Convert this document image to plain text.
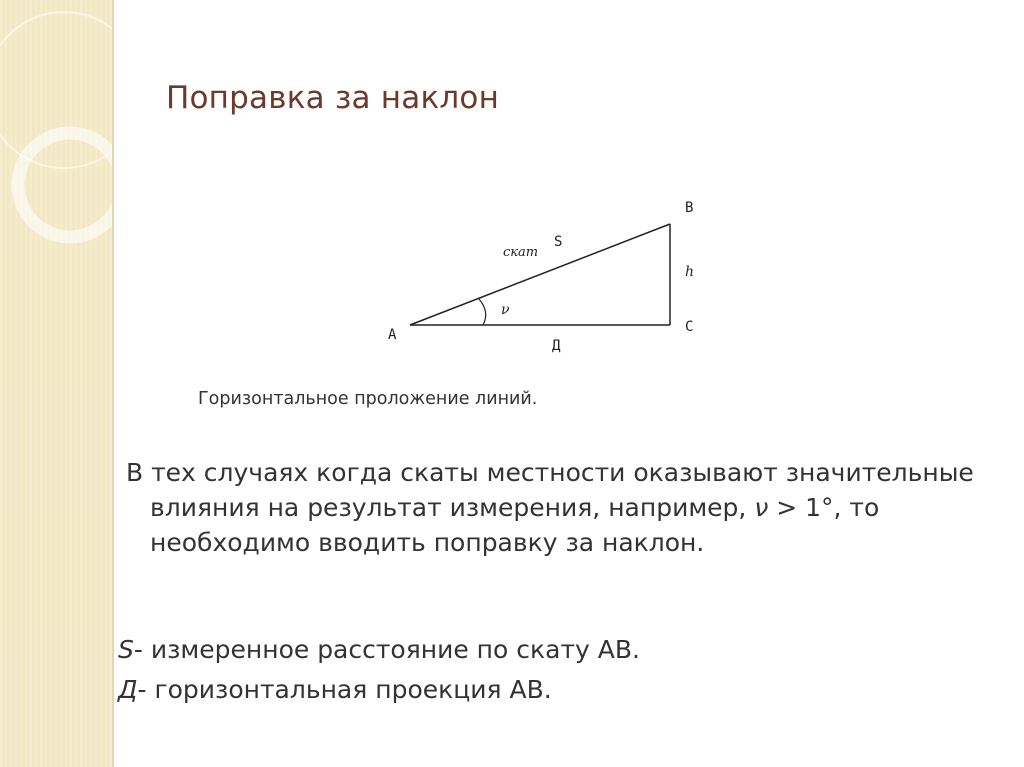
Поправка за наклон
A
B
C
h
S
скат
ν
Д
Горизонтальное проложение линий.
В тех случаях когда скаты местности оказывают значительные влияния на результат измерения, например, ν > 1°, то необходимо вводить поправку за наклон.
S- измеренное расстояние по скату АВ.
Д- горизонтальная проекция АВ.
